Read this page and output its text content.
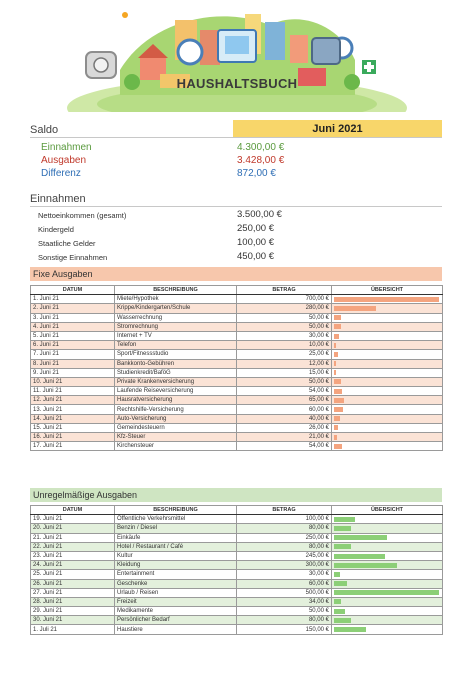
HAUSHALTSBUCH
Saldo	Juni 2021
Einnahmen	4.300,00 €
Ausgaben	3.428,00 €
Differenz	872,00 €
Einnahmen
Nettoeinkommen (gesamt)	3.500,00 €
Kindergeld	250,00 €
Staatliche Gelder	100,00 €
Sonstige Einnahmen	450,00 €
Fixe Ausgaben
DATUM	BESCHREIBUNG	BETRAG	ÜBERSICHT
1. Juni 21	Miete/Hypothek	700,00 €	

2. Juni 21	Krippe/Kindergarten/Schule	280,00 €	

3. Juni 21	Wasserrechnung	50,00 €	

4. Juni 21	Stromrechnung	50,00 €	

5. Juni 21	Internet + TV	30,00 €	

6. Juni 21	Telefon	10,00 €	

7. Juni 21	Sport/Fitnessstudio	25,00 €	

8. Juni 21	Bankkonto-Gebühren	12,00 €	

9. Juni 21	Studienkredit/BaföG	15,00 €	

10. Juni 21	Private Krankenversicherung	50,00 €	

11. Juni 21	Laufende Reiseversicherung	54,00 €	

12. Juni 21	Hausratversicherung	65,00 €	

13. Juni 21	Rechtshilfe-Versicherung	60,00 €	

14. Juni 21	Auto-Versicherung	40,00 €	

15. Juni 21	Gemeindesteuern	26,00 €	

16. Juni 21	Kfz-Steuer	21,00 €	

17. Juni 21	Kirchensteuer	54,00 €	
Unregelmäßige Ausgaben
DATUM	BESCHREIBUNG	BETRAG	ÜBERSICHT
19. Juni 21	Öffentliche Verkehrsmittel	100,00 €	

20. Juni 21	Benzin / Diesel	80,00 €	

21. Juni 21	Einkäufe	250,00 €	

22. Juni 21	Hotel / Restaurant / Café	80,00 €	

23. Juni 21	Kultur	245,00 €	

24. Juni 21	Kleidung	300,00 €	

25. Juni 21	Entertainment	30,00 €	

26. Juni 21	Geschenke	60,00 €	

27. Juni 21	Urlaub / Reisen	500,00 €	

28. Juni 21	Freizeit	34,00 €	

29. Juni 21	Medikamente	50,00 €	

30. Juni 21	Persönlicher Bedarf	80,00 €	

1. Juli 21	Haustiere	150,00 €	
